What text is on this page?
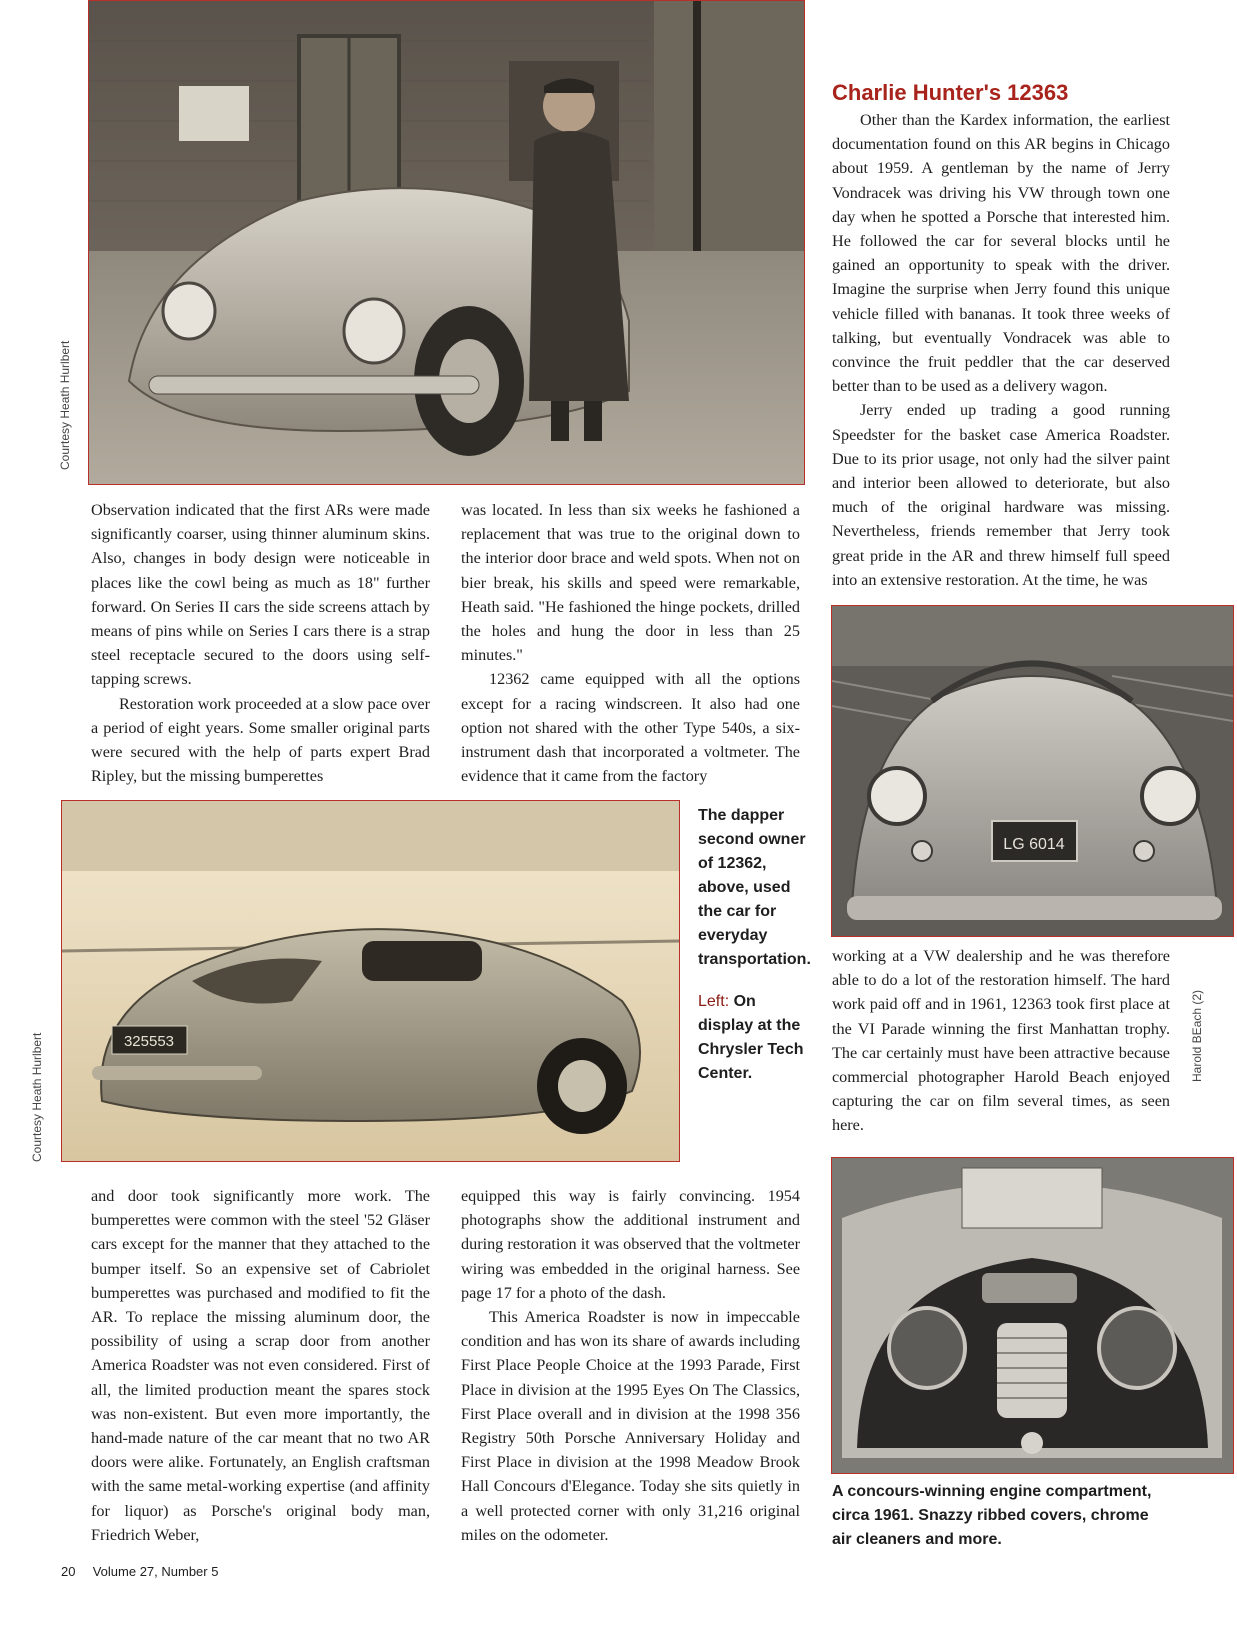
Courtesy Heath Hurlbert
Charlie Hunter's 12363

Other than the Kardex information, the earliest documentation found on this AR begins in Chicago about 1959. A gentleman by the name of Jerry Vondracek was driving his VW through town one day when he spotted a Porsche that interested him. He followed the car for several blocks until he gained an opportunity to speak with the driver. Imagine the surprise when Jerry found this unique vehicle filled with bananas. It took three weeks of talking, but eventually Vondracek was able to convince the fruit peddler that the car deserved better than to be used as a delivery wagon.

Jerry ended up trading a good running Speedster for the basket case America Roadster. Due to its prior usage, not only had the silver paint and interior been allowed to deteriorate, but also much of the original hardware was missing. Nevertheless, friends remember that Jerry took great pride in the AR and threw himself full speed into an extensive restoration. At the time, he was

LG 6014

working at a VW dealership and he was therefore able to do a lot of the restoration himself. The hard work paid off and in 1961, 12363 took first place at the VI Parade winning the first Manhattan trophy. The car certainly must have been attractive because commercial photographer Harold Beach enjoyed capturing the car on film several times, as seen here.

Harold BEach (2)

Observation indicated that the first ARs were made significantly coarser, using thinner aluminum skins. Also, changes in body design were noticeable in places like the cowl being as much as 18" further forward. On Series II cars the side screens attach by means of pins while on Series I cars there is a strap steel receptacle secured to the doors using self-tapping screws.

Restoration work proceeded at a slow pace over a period of eight years. Some smaller original parts were secured with the help of parts expert Brad Ripley, but the missing bumperettes

was located. In less than six weeks he fashioned a replacement that was true to the original down to the interior door brace and weld spots. When not on bier break, his skills and speed were remarkable, Heath said. "He fashioned the hinge pockets, drilled the holes and hung the door in less than 25 minutes."

12362 came equipped with all the options except for a racing windscreen. It also had one option not shared with the other Type 540s, a six-instrument dash that incorporated a voltmeter. The evidence that it came from the factory

325553
Courtesy Heath Hurlbert
The dapper second owner of 12362, above, used the car for everyday transportation.
Left: On display at the Chrysler Tech Center.

and door took significantly more work. The bumperettes were common with the steel '52 Gläser cars except for the manner that they attached to the bumper itself. So an expensive set of Cabriolet bumperettes was purchased and modified to fit the AR. To replace the missing aluminum door, the possibility of using a scrap door from another America Roadster was not even considered. First of all, the limited production meant the spares stock was non-existent. But even more importantly, the hand-made nature of the car meant that no two AR doors were alike. Fortunately, an English craftsman with the same metal-working expertise (and affinity for liquor) as Porsche's original body man, Friedrich Weber,

equipped this way is fairly convincing. 1954 photographs show the additional instrument and during restoration it was observed that the voltmeter wiring was embedded in the original harness. See page 17 for a photo of the dash.

This America Roadster is now in impeccable condition and has won its share of awards including First Place People Choice at the 1993 Parade, First Place in division at the 1995 Eyes On The Classics, First Place overall and in division at the 1998 356 Registry 50th Porsche Anniversary Holiday and First Place in division at the 1998 Meadow Brook Hall Concours d'Elegance. Today she sits quietly in a well protected corner with only 31,216 original miles on the odometer.

A concours-winning engine compartment, circa 1961. Snazzy ribbed covers, chrome air cleaners and more.
20 Volume 27, Number 5
